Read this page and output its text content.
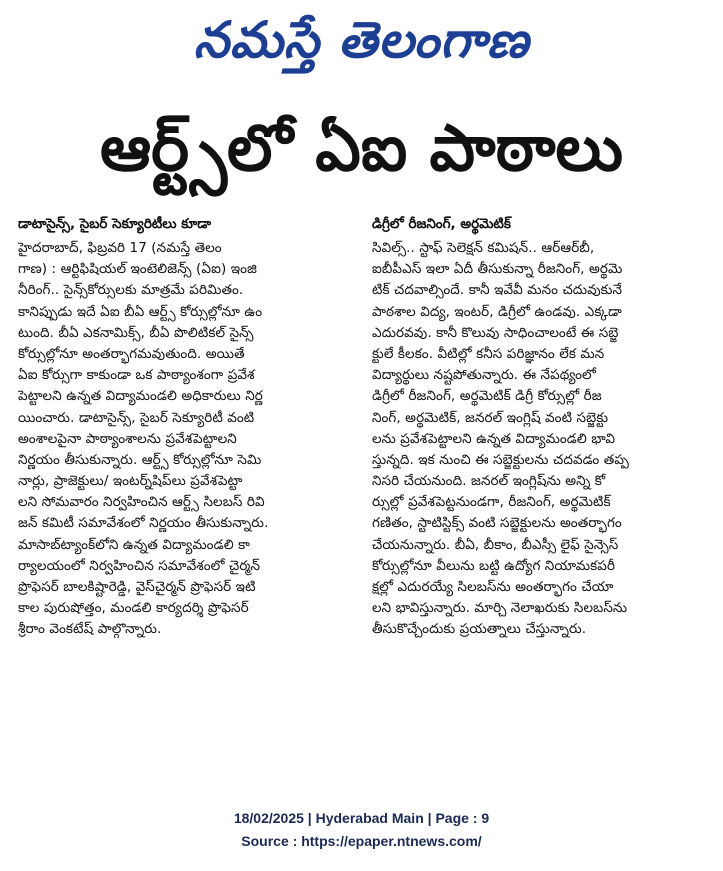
నమస్తే తెలంగాణ
ఆర్ట్స్‌లో ఏఐ పాఠాలు
డాటాసైన్స్, సైబర్ సెక్యూరిటీలు కూడా
హైదరాబాద్, ఫిబ్రవరి 17 (నమస్తే తెలం
గాణ) : ఆర్టిఫిషియల్ ఇంటెలిజెన్స్ (ఏఐ) ఇంజి
నీరింగ్.. సైన్స్‌కోర్సులకు మాత్రమే పరిమితం.
కానిప్పుడు ఇదే ఏఐ బీఏ ఆర్ట్స్ కోర్సుల్లోనూ ఉం
టుంది. బీఏ ఎకనామిక్స్, బీఏ పొలిటికల్ సైన్స్
కోర్సుల్లోనూ అంతర్భాగమవుతుంది. అయితే
ఏఐ కోర్సుగా కాకుండా ఒక పాఠ్యాంశంగా ప్రవేశ
పెట్టాలని ఉన్నత విద్యామండలి అధికారులు నిర్ణ
యించారు. డాటాసైన్స్, సైబర్ సెక్యూరిటీ వంటి
అంశాలపైనా పాఠ్యాంశాలను ప్రవేశపెట్టాలని
నిర్ణయం తీసుకున్నారు. ఆర్ట్స్ కోర్సుల్లోనూ సెమి
నార్లు, ప్రాజెక్టులు/ ఇంటర్న్‌షిప్‌లు ప్రవేశపెట్టా
లని సోమవారం నిర్వహించిన ఆర్ట్స్ సిలబస్ రివి
జన్ కమిటీ సమావేశంలో నిర్ణయం తీసుకున్నారు.
మాసాబ్‌ట్యాంక్‌లోని ఉన్నత విద్యామండలి కా
ర్యాలయంలో నిర్వహించిన సమావేశంలో చైర్మన్
ప్రొఫెసర్ బాలకిష్టారెడ్డి, వైస్‌చైర్మన్ ప్రొఫెసర్ ఇటి
కాల పురుషోత్తం, మండలి కార్యదర్శి ప్రొఫెసర్
శ్రీరాం వెంకటేష్ పాల్గొన్నారు.
డిగ్రీలో రీజనింగ్, అర్థమెటిక్
సివిల్స్.. స్టాఫ్ సెలెక్షన్ కమిషన్.. ఆర్‌ఆర్‌బీ,
ఐబీపీఎస్ ఇలా ఏదీ తీసుకున్నా రీజనింగ్, అర్థమె
టిక్ చదవాల్సిందే. కానీ ఇవేవీ మనం చదువుకునే
పాఠశాల విద్య, ఇంటర్, డిగ్రీలో ఉండవు. ఎక్కడా
ఎదురవవు. కానీ కొలువు సాధించాలంటే ఈ సబ్జె
క్టులే కీలకం. వీటిల్లో కనీస పరిజ్ఞానం లేక మన
విద్యార్థులు నష్టపోతున్నారు. ఈ నేపథ్యంలో
డిగ్రీలో రీజనింగ్, అర్థమెటిక్ డిగ్రీ కోర్సుల్లో రీజ
నింగ్, అర్థమెటిక్, జనరల్ ఇంగ్లిష్ వంటి సబ్జెక్టు
లను ప్రవేశపెట్టాలని ఉన్నత విద్యామండలి భావి
స్తున్నది. ఇక నుంచి ఈ సబ్జెక్టులను చదవడం తప్ప
నిసరి చేయనుంది. జనరల్ ఇంగ్లిష్‌ను అన్ని కో
ర్సుల్లో ప్రవేశపెట్టనుండగా, రీజనింగ్, అర్థమెటిక్
గణితం, స్టాటిస్టిక్స్ వంటి సబ్జెక్టులను అంతర్భాగం
చేయనున్నారు. బీఏ, బీకాం, బీఎస్సీ లైఫ్ సైన్సెస్
కోర్సుల్లోనూ వీలును బట్టి ఉద్యోగ నియామకపరీ
క్షల్లో ఎదురయ్యే సిలబస్‌ను అంతర్భాగం చేయా
లని భావిస్తున్నారు. మార్చి నెలాఖరుకు సిలబస్‌ను
తీసుకొచ్చేందుకు ప్రయత్నాలు చేస్తున్నారు.
18/02/2025 | Hyderabad Main | Page : 9
Source : https://epaper.ntnews.com/
